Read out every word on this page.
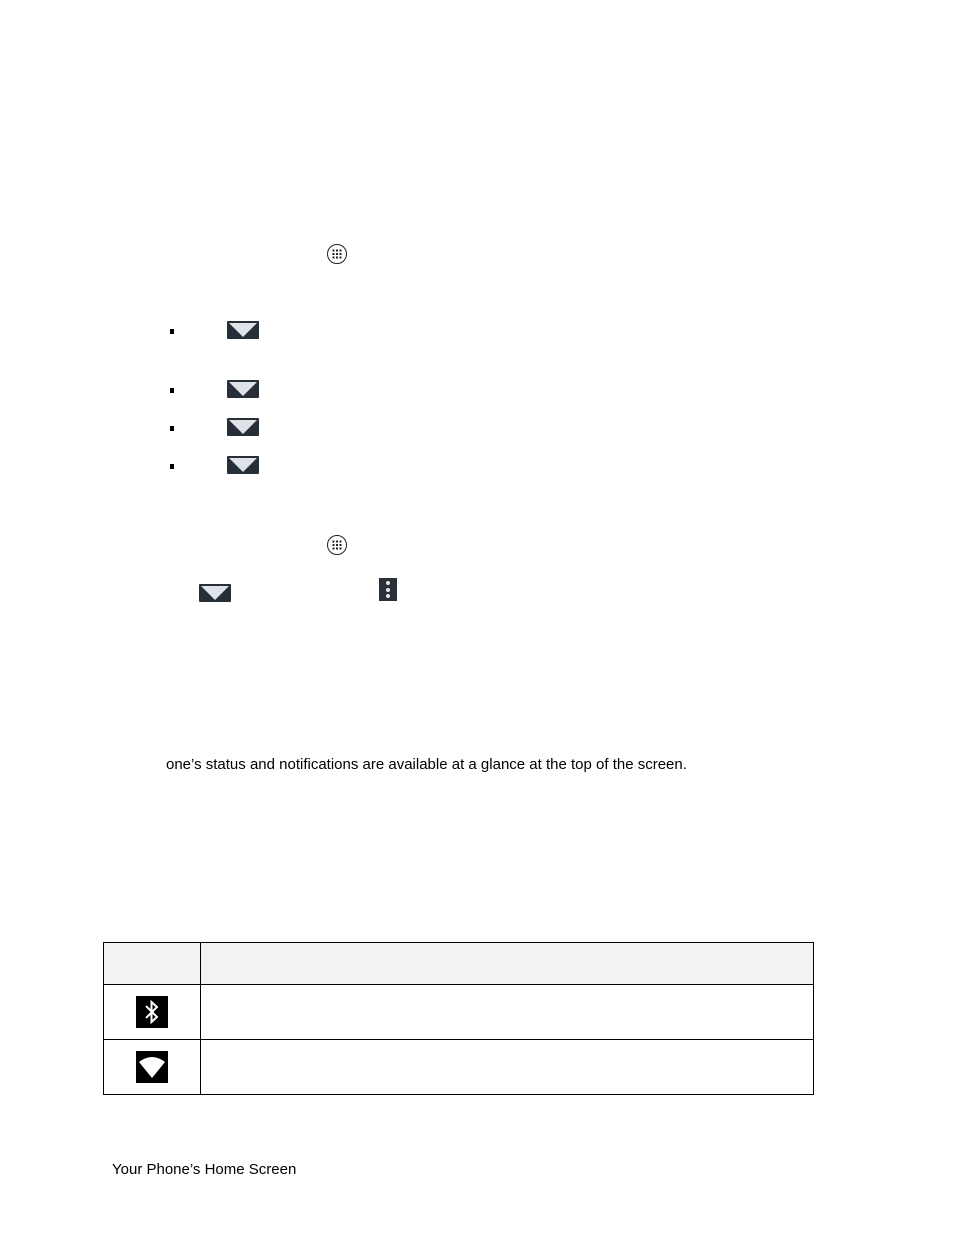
one’s status and notifications are available at a glance at the top of the screen.

Your Phone’s Home Screen
